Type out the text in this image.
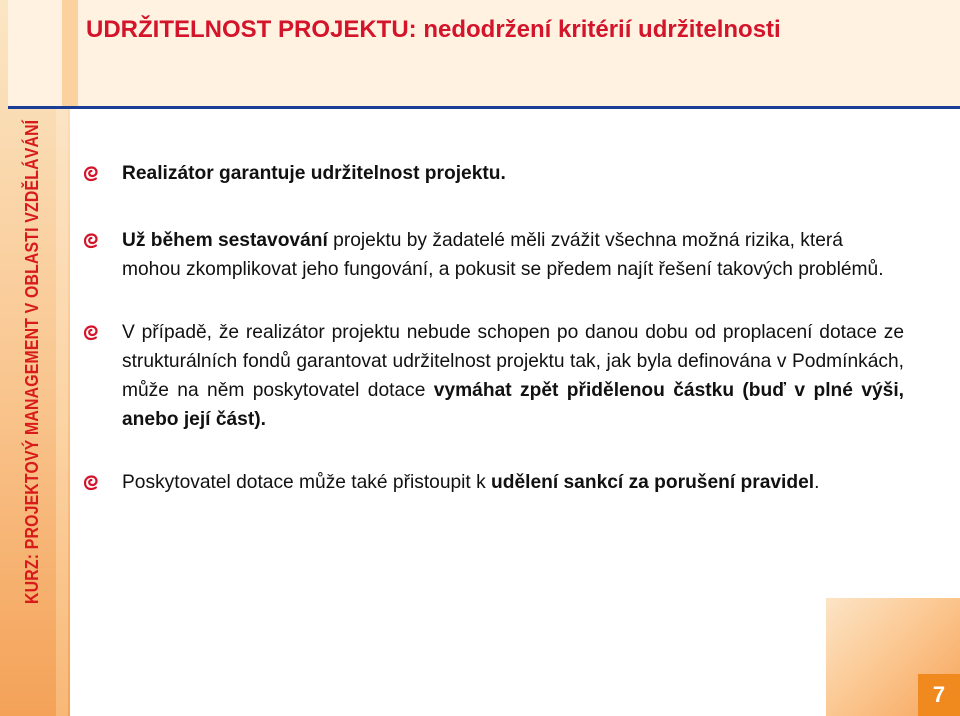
UDRŽITELNOST PROJEKTU: nedodržení kritérií udržitelnosti
KURZ: PROJEKTOVÝ MANAGEMENT V OBLASTI VZDĚLÁVÁNÍ	Realizátor garantuje udržitelnost projektu.
Už během sestavování projektu by žadatelé měli zvážit všechna možná rizika, která mohou zkomplikovat jeho fungování, a pokusit se předem najít řešení takových problémů.
V případě, že realizátor projektu nebude schopen po danou dobu od proplacení dotace ze strukturálních fondů garantovat udržitelnost projektu tak, jak byla definována v Podmínkách, může na něm poskytovatel dotace vymáhat zpět přidělenou částku (buď v plné výši, anebo její část).
Poskytovatel dotace může také přistoupit k udělení sankcí za porušení pravidel.
7
